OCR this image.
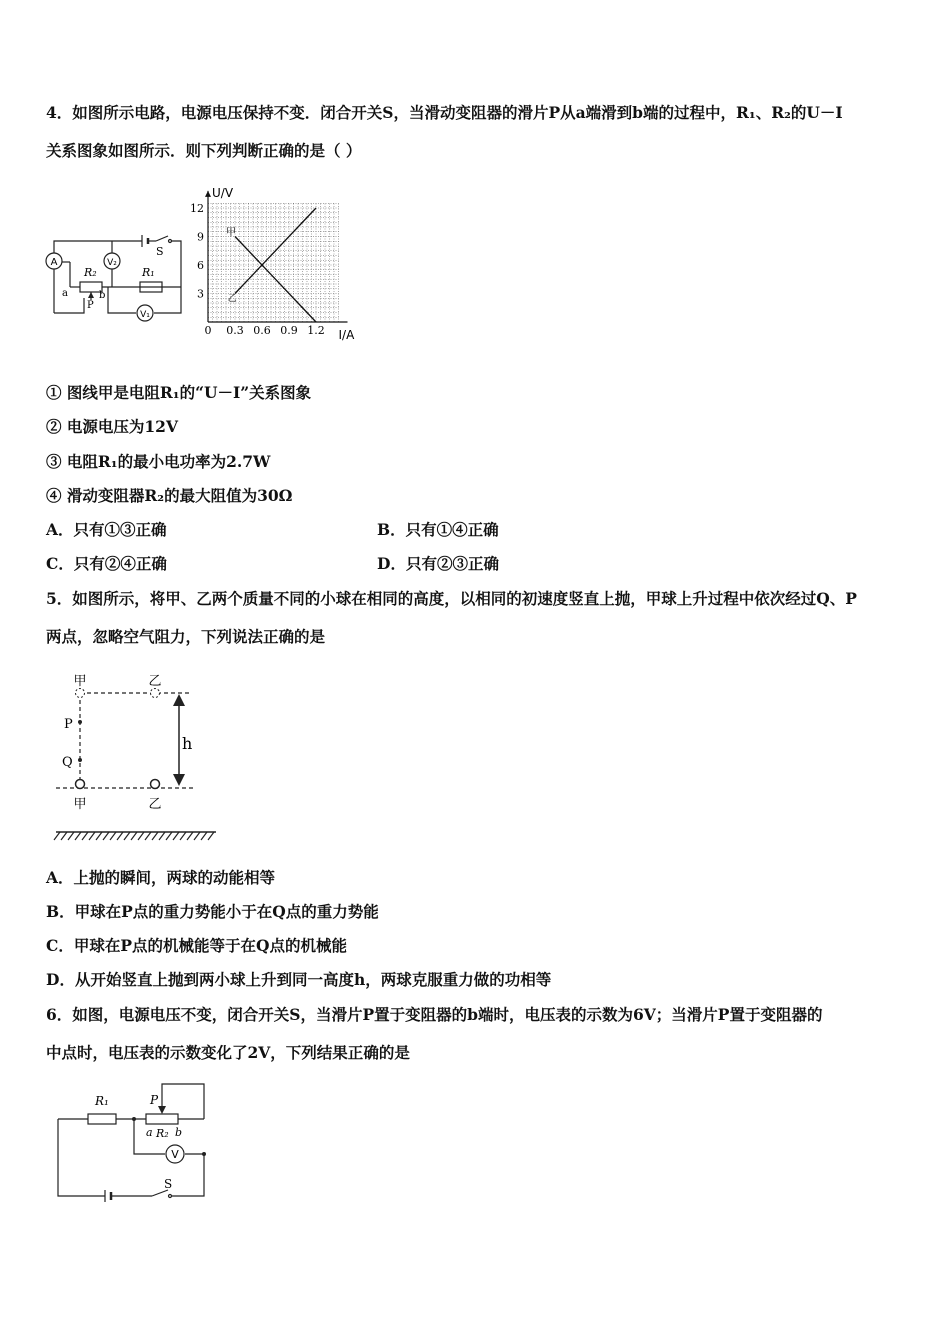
4．如图所示电路，电源电压保持不变．闭合开关S，当滑动变阻器的滑片P从a端滑到b端的过程中，R₁、R₂的U－I
关系图象如图所示．则下列判断正确的是（ ）
A	V₂
V₁
S
R₂	R₁
a	b
P
0 0.3 0.6 0.9 1.2
3
6
9
12
U/V
I/A
甲
乙
① 图线甲是电阻R₁的“U－I”关系图象
② 电源电压为12V
③ 电阻R₁的最小电功率为2.7W
④ 滑动变阻器R₂的最大阻值为30Ω
A．只有①③正确	B．只有①④正确
C．只有②④正确	D．只有②③正确
5．如图所示，将甲、乙两个质量不同的小球在相同的高度，以相同的初速度竖直上抛，甲球上升过程中依次经过Q、P
两点，忽略空气阻力，下列说法正确的是
甲	乙
P
Q
h
甲	乙
A．上抛的瞬间，两球的动能相等
B．甲球在P点的重力势能小于在Q点的重力势能
C．甲球在P点的机械能等于在Q点的机械能
D．从开始竖直上抛到两小球上升到同一高度h，两球克服重力做的功相等
6．如图，电源电压不变，闭合开关S，当滑片P置于变阻器的b端时，电压表的示数为6V；当滑片P置于变阻器的
中点时，电压表的示数变化了2V，下列结果正确的是
V
R₁	P
a R₂ b
S
